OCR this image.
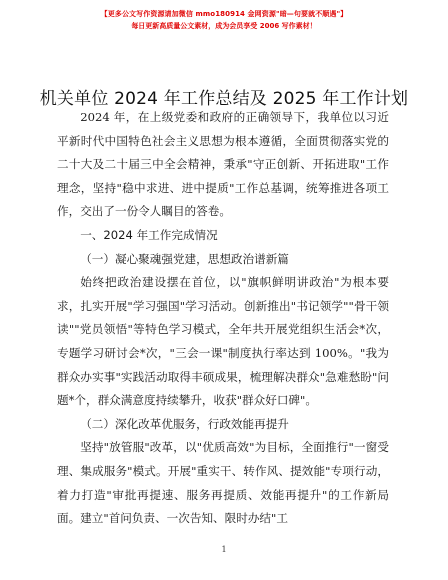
【更多公文写作资源请加微信 mmo180914 金网资源"暗—句要就不顺遇"】
每日更新高质量公文素材，成为会员享受 2006 写作素材！
机关单位 2024 年工作总结及 2025 年工作计划

2024 年，在上级党委和政府的正确领导下，我单位以习近平新时代中国特色社会主义思想为根本遵循，全面贯彻落实党的二十大及二十届三中全会精神，秉承"守正创新、开拓进取"工作理念，坚持"稳中求进、进中提质"工作总基调，统筹推进各项工作，交出了一份令人瞩目的答卷。

一、2024 年工作完成情况

（一）凝心聚魂强党建，思想政治谱新篇

始终把政治建设摆在首位，以"旗帜鲜明讲政治"为根本要求，扎实开展"学习强国"学习活动。创新推出"书记领学""骨干领读""党员领悟"等特色学习模式，全年共开展党组织生活会*次，专题学习研讨会*次，"三会一课"制度执行率达到 100%。"我为群众办实事"实践活动取得丰硕成果，梳理解决群众"急难愁盼"问题*个，群众满意度持续攀升，收获"群众好口碑"。

（二）深化改革优服务，行政效能再提升

坚持"放管服"改革，以"优质高效"为目标，全面推行"一窗受理、集成服务"模式。开展"重实干、转作风、提效能"专项行动，着力打造"审批再提速、服务再提质、效能再提升"的工作新局面。建立"首问负责、一次告知、限时办结"工

1
